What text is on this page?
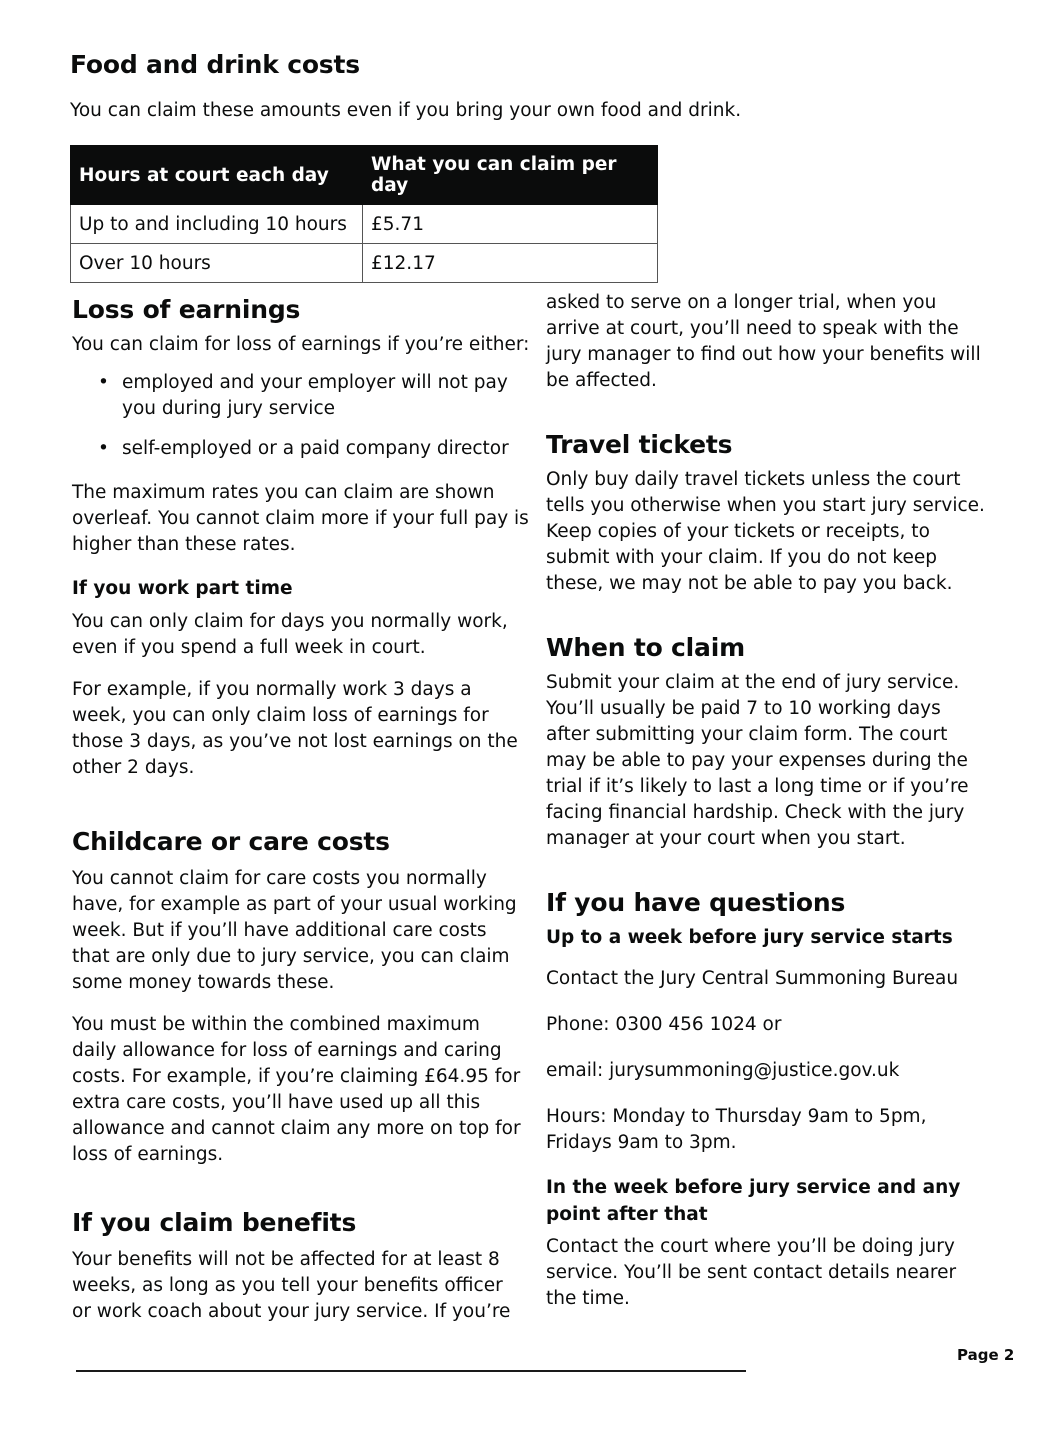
Food and drink costs

You can claim these amounts even if you bring your own food and drink.

Hours at court each day	What you can claim per day
Up to and including 10 hours	£5.71
Over 10 hours	£12.17
Loss of earnings

You can claim for loss of earnings if you’re either:

• employed and your employer will not pay you during jury service
• self-employed or a paid company director

The maximum rates you can claim are shown overleaf. You cannot claim more if your full pay is higher than these rates.

If you work part time

You can only claim for days you normally work, even if you spend a full week in court.

For example, if you normally work 3 days a week, you can only claim loss of earnings for those 3 days, as you’ve not lost earnings on the other 2 days.

Childcare or care costs

You cannot claim for care costs you normally have, for example as part of your usual working week. But if you’ll have additional care costs that are only due to jury service, you can claim some money towards these.

You must be within the combined maximum daily allowance for loss of earnings and caring costs. For example, if you’re claiming £64.95 for extra care costs, you’ll have used up all this allowance and cannot claim any more on top for loss of earnings.

If you claim benefits

Your benefits will not be affected for at least 8 weeks, as long as you tell your benefits officer or work coach about your jury service. If you’re

asked to serve on a longer trial, when you arrive at court, you’ll need to speak with the jury manager to find out how your benefits will be affected.

Travel tickets

Only buy daily travel tickets unless the court tells you otherwise when you start jury service. Keep copies of your tickets or receipts, to submit with your claim. If you do not keep these, we may not be able to pay you back.

When to claim

Submit your claim at the end of jury service. You’ll usually be paid 7 to 10 working days after submitting your claim form. The court may be able to pay your expenses during the trial if it’s likely to last a long time or if you’re facing financial hardship. Check with the jury manager at your court when you start.

If you have questions
Up to a week before jury service starts

Contact the Jury Central Summoning Bureau

Phone: 0300 456 1024 or

email: jurysummoning@justice.gov.uk

Hours: Monday to Thursday 9am to 5pm, Fridays 9am to 3pm.

In the week before jury service and any point after that

Contact the court where you’ll be doing jury service. You’ll be sent contact details nearer the time.

Page 2
